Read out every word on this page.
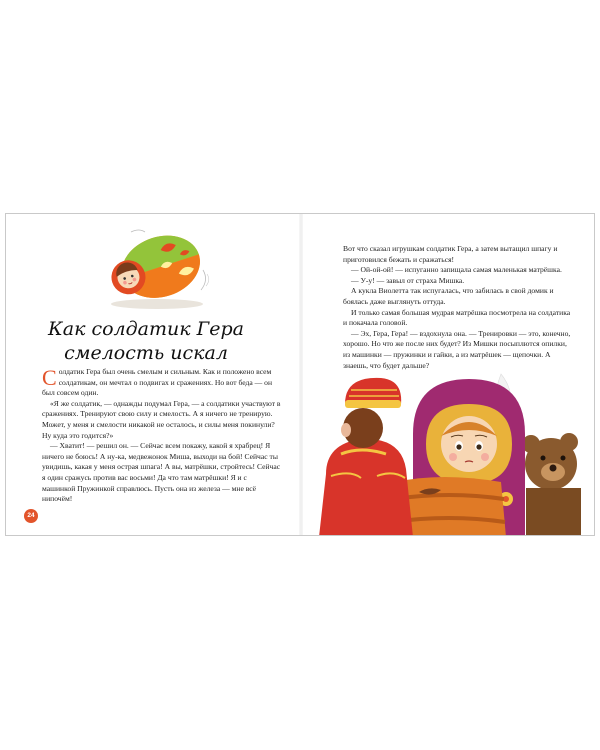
Как солдатик Гера
смелость искал

Солдатик Гера был очень смелым и сильным. Как и положено всем солдатикам, он мечтал о подвигах и сражениях. Но вот беда — он был совсем один.

«Я же солдатик, — однажды подумал Гера, — а солдатики участвуют в сражениях. Тренируют свою силу и смелость. А я ничего не тренирую. Может, у меня и смелости никакой не осталось, и силы меня покинули? Ну куда это годится?»

— Хватит! — решил он. — Сейчас всем покажу, какой я храбрец! Я ничего не боюсь! А ну-ка, медвежонок Миша, выходи на бой! Сейчас ты увидишь, какая у меня острая шпага! А вы, матрёшки, стройтесь! Сейчас я один сражусь против вас восьми! Да что там матрёшки! Я и с машинкой Пружинкой справлюсь. Пусть она из железа — мне всё нипочём!

24

Вот что сказал игрушкам солдатик Гера, а затем вытащил шпагу и приготовился бежать и сражаться!

— Ой-ой-ой! — испуганно запищала самая маленькая матрёшка.

— У-у! — завыл от страха Мишка.

А кукла Виолетта так испугалась, что забилась в свой домик и боялась даже выглянуть оттуда.

И только самая большая мудрая матрёшка посмотрела на солдатика и покачала головой.

— Эх, Гера, Гера! — вздохнула она. — Тренировки — это, конечно, хорошо. Но что же после них будет? Из Мишки посыплются опилки, из машинки — пружинки и гайки, а из матрёшек — щепочки. А знаешь, что будет дальше?
